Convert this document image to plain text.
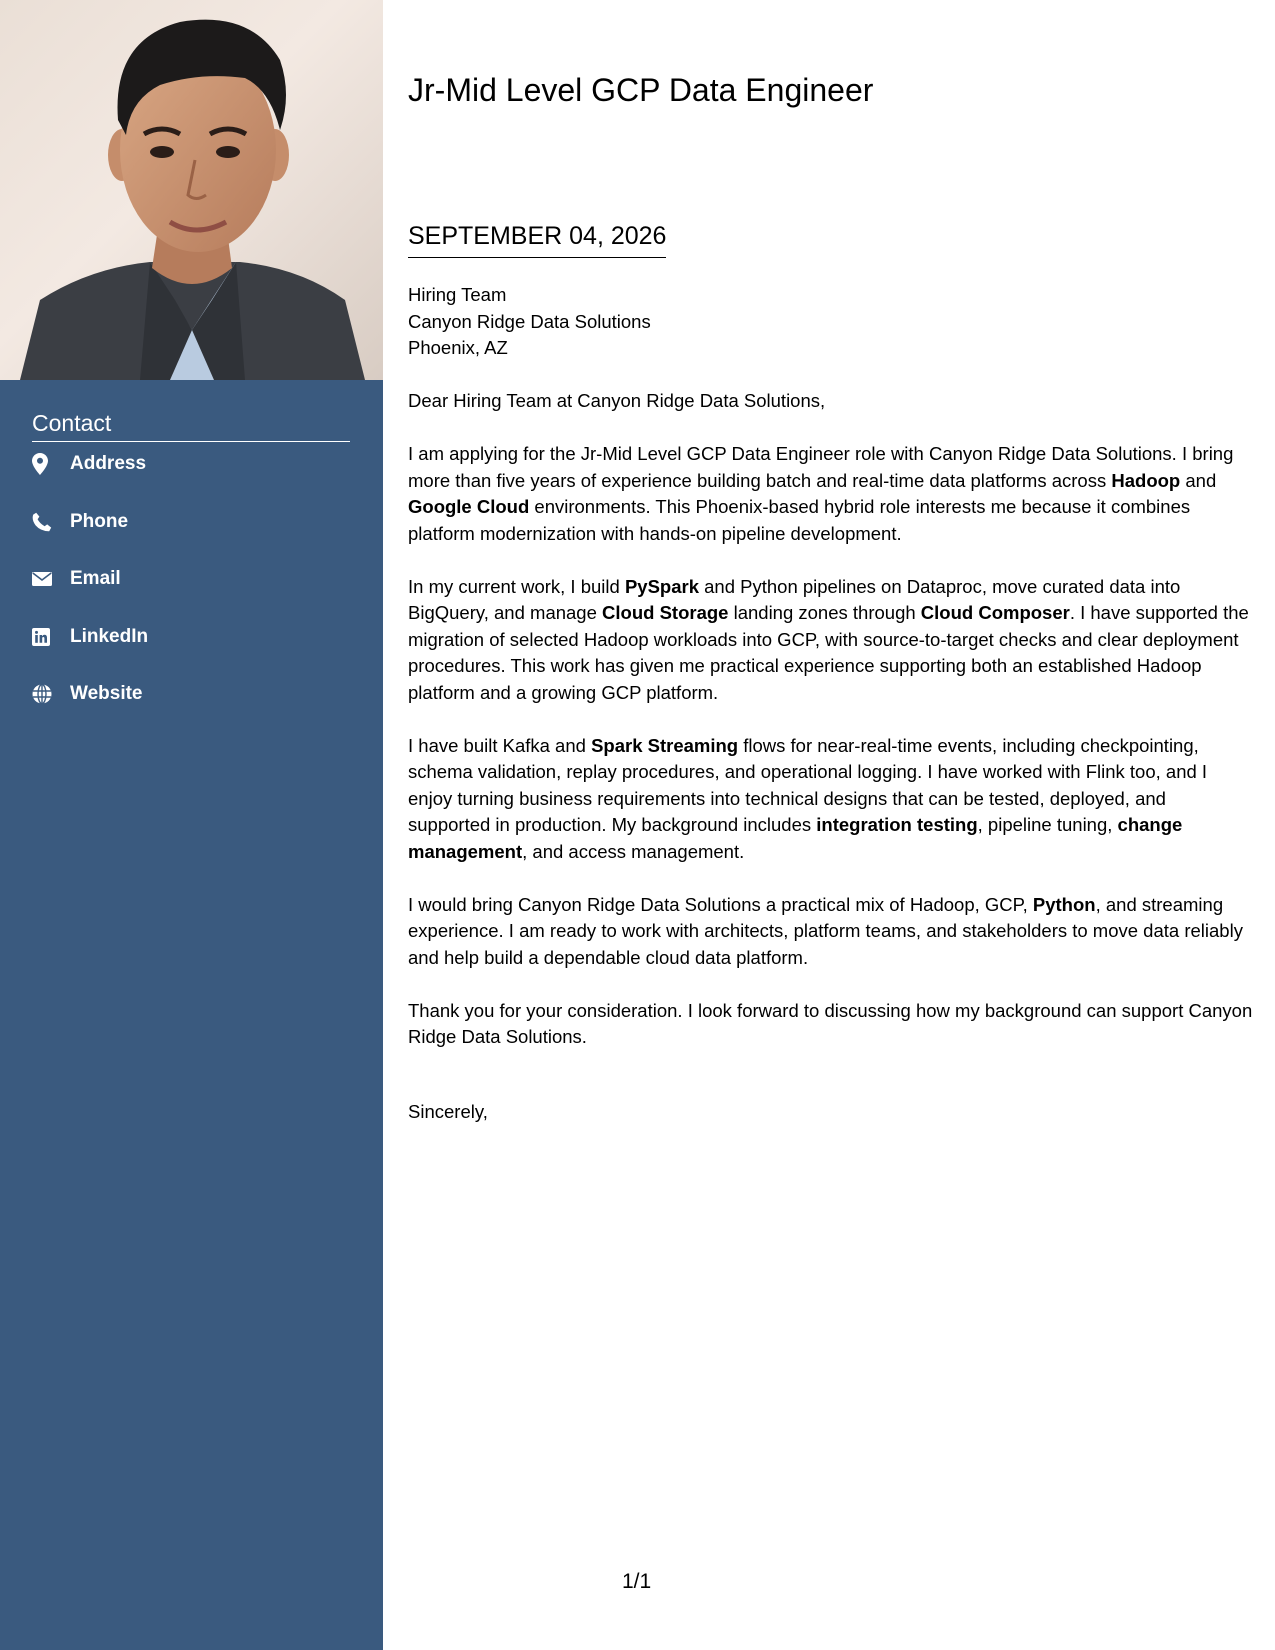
Contact
Address
Phone
Email
LinkedIn
Website
Jr-Mid Level GCP Data Engineer
SEPTEMBER 04, 2026
Hiring Team
Canyon Ridge Data Solutions
Phoenix, AZ

Dear Hiring Team at Canyon Ridge Data Solutions,

I am applying for the Jr-Mid Level GCP Data Engineer role with Canyon Ridge Data Solutions. I bring more than five years of experience building batch and real-time data platforms across Hadoop and Google Cloud environments. This Phoenix-based hybrid role interests me because it combines platform modernization with hands-on pipeline development.

In my current work, I build PySpark and Python pipelines on Dataproc, move curated data into BigQuery, and manage Cloud Storage landing zones through Cloud Composer. I have supported the migration of selected Hadoop workloads into GCP, with source-to-target checks and clear deployment procedures. This work has given me practical experience supporting both an established Hadoop platform and a growing GCP platform.

I have built Kafka and Spark Streaming flows for near-real-time events, including checkpointing, schema validation, replay procedures, and operational logging. I have worked with Flink too, and I enjoy turning business requirements into technical designs that can be tested, deployed, and supported in production. My background includes integration testing, pipeline tuning, change management, and access management.

I would bring Canyon Ridge Data Solutions a practical mix of Hadoop, GCP, Python, and streaming experience. I am ready to work with architects, platform teams, and stakeholders to move data reliably and help build a dependable cloud data platform.

Thank you for your consideration. I look forward to discussing how my background can support Canyon Ridge Data Solutions.

Sincerely,
1/1
